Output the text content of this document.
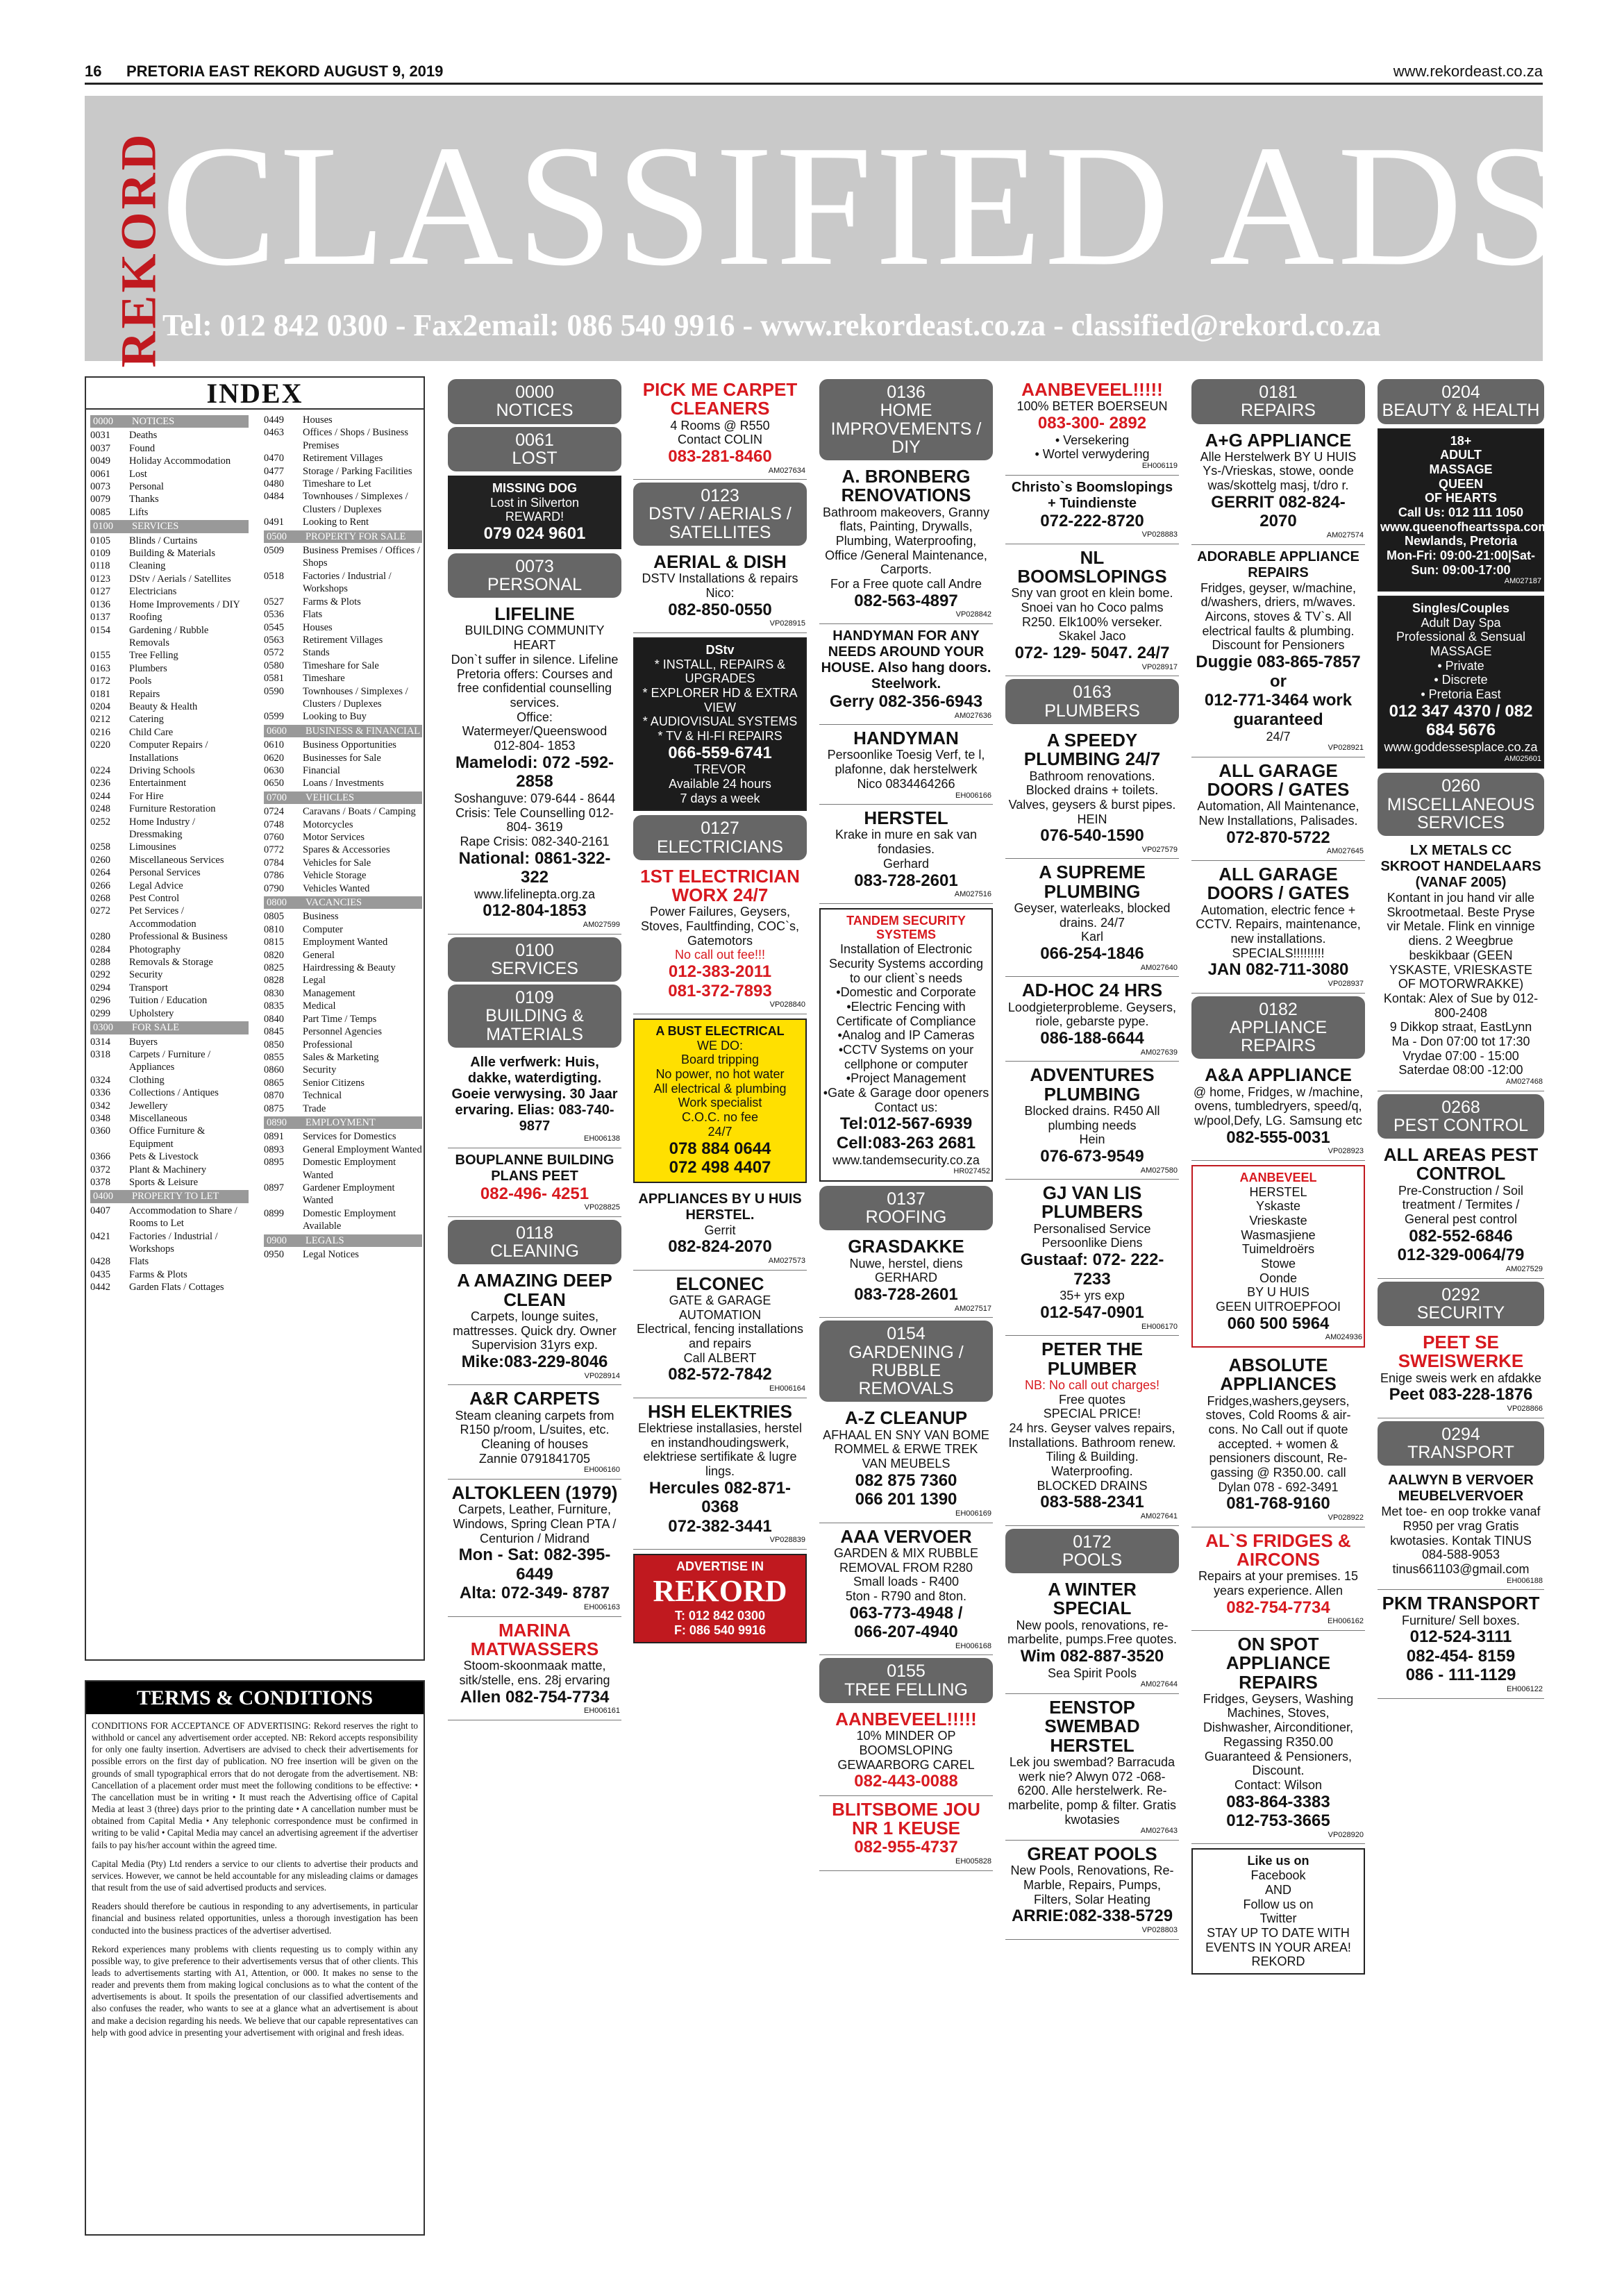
16 PRETORIA EAST REKORD AUGUST 9, 2019	www.rekordeast.co.za
REKORD
CLASSIFIED ADS
Tel: 012 842 0300 - Fax2email: 086 540 9916 - www.rekordeast.co.za - classified@rekord.co.za
INDEX
0000	NOTICES
0031	Deaths
0037	Found
0049	Holiday Accommodation
0061	Lost
0073	Personal
0079	Thanks
0085	Lifts
0100	SERVICES
0105	Blinds / Curtains
0109	Building & Materials
0118	Cleaning
0123	DStv / Aerials / Satellites
0127	Electricians
0136	Home Improvements / DIY
0137	Roofing
0154	Gardening / Rubble Removals
0155	Tree Felling
0163	Plumbers
0172	Pools
0181	Repairs
0204	Beauty & Health
0212	Catering
0216	Child Care
0220	Computer Repairs / Installations
0224	Driving Schools
0236	Entertainment
0244	For Hire
0248	Furniture Restoration
0252	Home Industry / Dressmaking
0258	Limousines
0260	Miscellaneous Services
0264	Personal Services
0266	Legal Advice
0268	Pest Control
0272	Pet Services / Accommodation
0280	Professional & Business
0284	Photography
0288	Removals & Storage
0292	Security
0294	Transport
0296	Tuition / Education
0299	Upholstery
0300	FOR SALE
0314	Buyers
0318	Carpets / Furniture / Appliances
0324	Clothing
0336	Collections / Antiques
0342	Jewellery
0348	Miscellaneous
0360	Office Furniture & Equipment
0366	Pets & Livestock
0372	Plant & Machinery
0378	Sports & Leisure
0400	PROPERTY TO LET
0407	Accommodation to Share / Rooms to Let
0421	Factories / Industrial / Workshops
0428	Flats
0435	Farms & Plots
0442	Garden Flats / Cottages
0449	Houses
0463	Offices / Shops / Business Premises
0470	Retirement Villages
0477	Storage / Parking Facilities
0480	Timeshare to Let
0484	Townhouses / Simplexes / Clusters / Duplexes
0491	Looking to Rent
0500	PROPERTY FOR SALE
0509	Business Premises / Offices / Shops
0518	Factories / Industrial / Workshops
0527	Farms & Plots
0536	Flats
0545	Houses
0563	Retirement Villages
0572	Stands
0580	Timeshare for Sale
0581	Timeshare
0590	Townhouses / Simplexes / Clusters / Duplexes
0599	Looking to Buy
0600	BUSINESS & FINANCIAL
0610	Business Opportunities
0620	Businesses for Sale
0630	Financial
0650	Loans / Investments
0700	VEHICLES
0724	Caravans / Boats / Camping
0748	Motorcycles
0760	Motor Services
0772	Spares & Accessories
0784	Vehicles for Sale
0786	Vehicle Storage
0790	Vehicles Wanted
0800	VACANCIES
0805	Business
0810	Computer
0815	Employment Wanted
0820	General
0825	Hairdressing & Beauty
0828	Legal
0830	Management
0835	Medical
0840	Part Time / Temps
0845	Personnel Agencies
0850	Professional
0855	Sales & Marketing
0860	Security
0865	Senior Citizens
0870	Technical
0875	Trade
0890	EMPLOYMENT
0891	Services for Domestics
0893	General Employment Wanted
0895	Domestic Employment Wanted
0897	Gardener Employment Wanted
0899	Domestic Employment Available
0900	LEGALS
0950	Legal Notices
TERMS & CONDITIONS

CONDITIONS FOR ACCEPTANCE OF ADVERTISING: Rekord reserves the right to withhold or cancel any advertisement order accepted. NB: Rekord accepts responsibility for only one faulty insertion. Advertisers are advised to check their advertisements for possible errors on the first day of publication. NO free insertion will be given on the grounds of small typographical errors that do not derogate from the advertisement. NB: Cancellation of a placement order must meet the following conditions to be effective: • The cancellation must be in writing • It must reach the Advertising office of Capital Media at least 3 (three) days prior to the printing date • A cancellation number must be obtained from Capital Media • Any telephonic correspondence must be confirmed in writing to be valid • Capital Media may cancel an advertising agreement if the advertiser fails to pay his/her account within the agreed time.

Capital Media (Pty) Ltd renders a service to our clients to advertise their products and services. However, we cannot be held accountable for any misleading claims or damages that result from the use of said advertised products and services.

Readers should therefore be cautious in responding to any advertisements, in particular financial and business related opportunities, unless a thorough investigation has been conducted into the business practices of the advertiser advertised.

Rekord experiences many problems with clients requesting us to comply within any possible way, to give preference to their advertisements versus that of other clients. This leads to advertisements starting with A1, Attention, or 000. It makes no sense to the reader and prevents them from making logical conclusions as to what the content of the advertisements is about. It spoils the presentation of our classified advertisements and also confuses the reader, who wants to see at a glance what an advertisement is about and make a decision regarding his needs. We believe that our capable representatives can help with good advice in presenting your advertisement with original and fresh ideas.

0000
NOTICES
0061
LOST
MISSING DOG
Lost in Silverton
REWARD!
079 024 9601
0073
PERSONAL
LIFELINE
BUILDING COMMUNITY HEART
Don`t suffer in silence. Lifeline Pretoria offers: Courses and free confidential counselling services.
Office: Watermeyer/Queenswood 012-804- 1853
Mamelodi: 072 -592-2858
Soshanguve: 079-644 - 8644
Crisis: Tele Counselling 012-804- 3619
Rape Crisis: 082-340-2161
National: 0861-322- 322
www.lifelinepta.org.za
012-804-1853
AM027599
0100
SERVICES
0109
BUILDING & MATERIALS
Alle verfwerk: Huis, dakke, waterdigting. Goeie verwysing. 30 Jaar ervaring. Elias: 083-740- 9877
EH006138
BOUPLANNE BUILDING PLANS PEET
082-496- 4251
VP028825
0118
CLEANING
A AMAZING DEEP CLEAN
Carpets, lounge suites, mattresses. Quick dry. Owner Supervision 31yrs exp.
Mike:083-229-8046
VP028914
A&R CARPETS
Steam cleaning carpets from R150 p/room, L/suites, etc. Cleaning of houses
Zannie 0791841705
EH006160
ALTOKLEEN (1979)
Carpets, Leather, Furniture, Windows, Spring Clean PTA / Centurion / Midrand
Mon - Sat: 082-395-6449
Alta: 072-349- 8787
EH006163
MARINA MATWASSERS
Stoom-skoonmaak matte, sitk/stelle, ens. 28j ervaring
Allen 082-754-7734
EH006161
PICK ME CARPET CLEANERS
4 Rooms @ R550
Contact COLIN
083-281-8460
AM027634
0123
DSTV / AERIALS / SATELLITES
AERIAL & DISH
DSTV Installations & repairs
Nico:
082-850-0550
VP028915
DStv
* INSTALL, REPAIRS & UPGRADES
* EXPLORER HD & EXTRA VIEW
* AUDIOVISUAL SYSTEMS
* TV & HI-FI REPAIRS
066-559-6741
TREVOR
Available 24 hours
7 days a week
0127
ELECTRICIANS
1ST ELECTRICIAN WORX 24/7
Power Failures, Geysers, Stoves, Faultfinding, COC`s, Gatemotors
No call out fee!!!
012-383-2011
081-372-7893
VP028840
A BUST ELECTRICAL
WE DO:
Board tripping
No power, no hot water
All electrical & plumbing
Work specialist
C.O.C. no fee
24/7
078 884 0644
072 498 4407
APPLIANCES BY U HUIS HERSTEL.
Gerrit
082-824-2070
AM027573
ELCONEC
GATE & GARAGE AUTOMATION
Electrical, fencing installations and repairs
Call ALBERT
082-572-7842
EH006164
HSH ELEKTRIES
Elektriese installasies, herstel en instandhoudingswerk, elektriese sertifikate & lugre lings.
Hercules 082-871-0368
072-382-3441
VP028839
ADVERTISE IN
REKORD
T: 012 842 0300
F: 086 540 9916
0136
HOME IMPROVEMENTS / DIY
A. BRONBERG RENOVATIONS
Bathroom makeovers, Granny flats, Painting, Drywalls, Plumbing, Waterproofing, Office /General Maintenance, Carports.
For a Free quote call Andre
082-563-4897
VP028842
HANDYMAN FOR ANY NEEDS AROUND YOUR HOUSE. Also hang doors. Steelwork.
Gerry 082-356-6943
AM027636
HANDYMAN
Persoonlike Toesig Verf, te l, plafonne, dak herstelwerk
Nico 0834464266
EH006166
HERSTEL
Krake in mure en sak van fondasies.
Gerhard
083-728-2601
AM027516
TANDEM SECURITY SYSTEMS
Installation of Electronic Security Systems according to our client`s needs
•Domestic and Corporate
•Electric Fencing with Certificate of Compliance
•Analog and IP Cameras
•CCTV Systems on your cellphone or computer
•Project Management
•Gate & Garage door openers
Contact us:
Tel:012-567-6939
Cell:083-263 2681
www.tandemsecurity.co.za
HR027452
0137
ROOFING
GRASDAKKE
Nuwe, herstel, diens
GERHARD
083-728-2601
AM027517
0154
GARDENING / RUBBLE REMOVALS
A-Z CLEANUP
AFHAAL EN SNY VAN BOME ROMMEL & ERWE TREK VAN MEUBELS
082 875 7360
066 201 1390
EH006169
AAA VERVOER
GARDEN & MIX RUBBLE REMOVAL FROM R280
Small loads - R400
5ton - R790 and 8ton.
063-773-4948 /
066-207-4940
EH006168
0155
TREE FELLING
AANBEVEEL!!!!!
10% MINDER OP BOOMSLOPING GEWAARBORG CAREL
082-443-0088
BLITSBOME JOU NR 1 KEUSE
082-955-4737
EH005828
AANBEVEEL!!!!!
100% BETER BOERSEUN
083-300- 2892
• Versekering
• Wortel verwydering
EH006119
Christo`s Boomslopings + Tuindienste
072-222-8720
VP028883
NL BOOMSLOPINGS
Sny van groot en klein bome. Snoei van ho Coco palms R250. Elk100% verseker.
Skakel Jaco
072- 129- 5047. 24/7
VP028917
0163
PLUMBERS
A SPEEDY PLUMBING 24/7
Bathroom renovations. Blocked drains + toilets. Valves, geysers & burst pipes. HEIN
076-540-1590
VP027579
A SUPREME PLUMBING
Geyser, waterleaks, blocked drains. 24/7
Karl
066-254-1846
AM027640
AD-HOC 24 HRS
Loodgieterprobleme. Geysers, riole, gebarste pype.
086-188-6644
AM027639
ADVENTURES PLUMBING
Blocked drains. R450 All plumbing needs
Hein
076-673-9549
AM027580
GJ VAN LIS PLUMBERS
Personalised Service Persoonlike Diens
Gustaaf: 072- 222-7233
35+ yrs exp
012-547-0901
EH006170
PETER THE PLUMBER
NB: No call out charges!
Free quotes
SPECIAL PRICE!
24 hrs. Geyser valves repairs, Installations. Bathroom renew. Tiling & Building. Waterproofing.
BLOCKED DRAINS
083-588-2341
AM027641
0172
POOLS
A WINTER SPECIAL
New pools, renovations, re-marbelite, pumps.Free quotes.
Wim 082-887-3520
Sea Spirit Pools
AM027644
EENSTOP SWEMBAD HERSTEL
Lek jou swembad? Barracuda werk nie? Alwyn 072 -068-6200. Alle herstelwerk. Re-marbelite, pomp & filter. Gratis kwotasies
AM027643
GREAT POOLS
New Pools, Renovations, Re-Marble, Repairs, Pumps, Filters, Solar Heating
ARRIE:082-338-5729
VP028803
0181
REPAIRS
A+G APPLIANCE
Alle Herstelwerk BY U HUIS Ys-/Vrieskas, stowe, oonde was/skottelg masj, t/dro r.
GERRIT 082-824-2070
AM027574
ADORABLE APPLIANCE REPAIRS
Fridges, geyser, w/machine, d/washers, driers, m/waves. Aircons, stoves & TV`s. All electrical faults & plumbing. Discount for Pensioners
Duggie 083-865-7857 or
012-771-3464 work guaranteed
24/7
VP028921
ALL GARAGE DOORS / GATES
Automation, All Maintenance, New Installations, Palisades.
072-870-5722
AM027645
ALL GARAGE DOORS / GATES
Automation, electric fence + CCTV. Repairs, maintenance, new installations.
SPECIALS!!!!!!!!!
JAN 082-711-3080
VP028937
0182
APPLIANCE REPAIRS
A&A APPLIANCE
@ home, Fridges, w /machine, ovens, tumbledryers, speed/q, w/pool,Defy, LG. Samsung etc
082-555-0031
VP028923
AANBEVEEL
HERSTEL
Yskaste
Vrieskaste
Wasmasjiene
Tuimeldroërs
Stowe
Oonde
BY U HUIS
GEEN UITROEPFOOI
060 500 5964
AM024936
ABSOLUTE APPLIANCES
Fridges,washers,geysers, stoves, Cold Rooms & air-cons. No Call out if quote accepted. + women & pensioners discount, Re-gassing @ R350.00. call Dylan 078 - 692-3491
081-768-9160
VP028922
AL`S FRIDGES & AIRCONS
Repairs at your premises. 15 years experience. Allen
082-754-7734
EH006162
ON SPOT APPLIANCE REPAIRS
Fridges, Geysers, Washing Machines, Stoves, Dishwasher, Airconditioner, Regassing R350.00 Guaranteed & Pensioners, Discount.
Contact: Wilson
083-864-3383
012-753-3665
VP028920
Like us on
Facebook
AND
Follow us on
Twitter
STAY UP TO DATE WITH EVENTS IN YOUR AREA!
REKORD
0204
BEAUTY & HEALTH
18+
ADULT
MASSAGE
QUEEN
OF HEARTS
Call Us: 012 111 1050
www.queenofheartsspa.com
Newlands, Pretoria
Mon-Fri: 09:00-21:00|Sat-Sun: 09:00-17:00
AM027187
Singles/Couples
Adult Day Spa
Professional & Sensual
MASSAGE
• Private
• Discrete
• Pretoria East
012 347 4370 / 082 684 5676
www.goddessesplace.co.za
AM025601
0260
MISCELLANEOUS SERVICES
LX METALS CC SKROOT HANDELAARS (VANAF 2005)
Kontant in jou hand vir alle Skrootmetaal. Beste Pryse vir Metale. Flink en vinnige diens. 2 Weegbrue beskikbaar (GEEN YSKASTE, VRIESKASTE OF MOTORWRAKKE)
Kontak: Alex of Sue by 012-800-2408
9 Dikkop straat, EastLynn
Ma - Don 07:00 tot 17:30
Vrydae 07:00 - 15:00
Saterdae 08:00 -12:00
AM027468
0268
PEST CONTROL
ALL AREAS PEST CONTROL
Pre-Construction / Soil treatment / Termites / General pest control
082-552-6846
012-329-0064/79
AM027529
0292
SECURITY
PEET SE SWEISWERKE
Enige sweis werk en afdakke
Peet 083-228-1876
VP028866
0294
TRANSPORT
AALWYN B VERVOER MEUBELVERVOER
Met toe- en oop trokke vanaf R950 per vrag Gratis kwotasies. Kontak TINUS 084-588-9053
tinus661103@gmail.com
EH006188
PKM TRANSPORT
Furniture/ Sell boxes.
012-524-3111
082-454- 8159
086 - 111-1129
EH006122
